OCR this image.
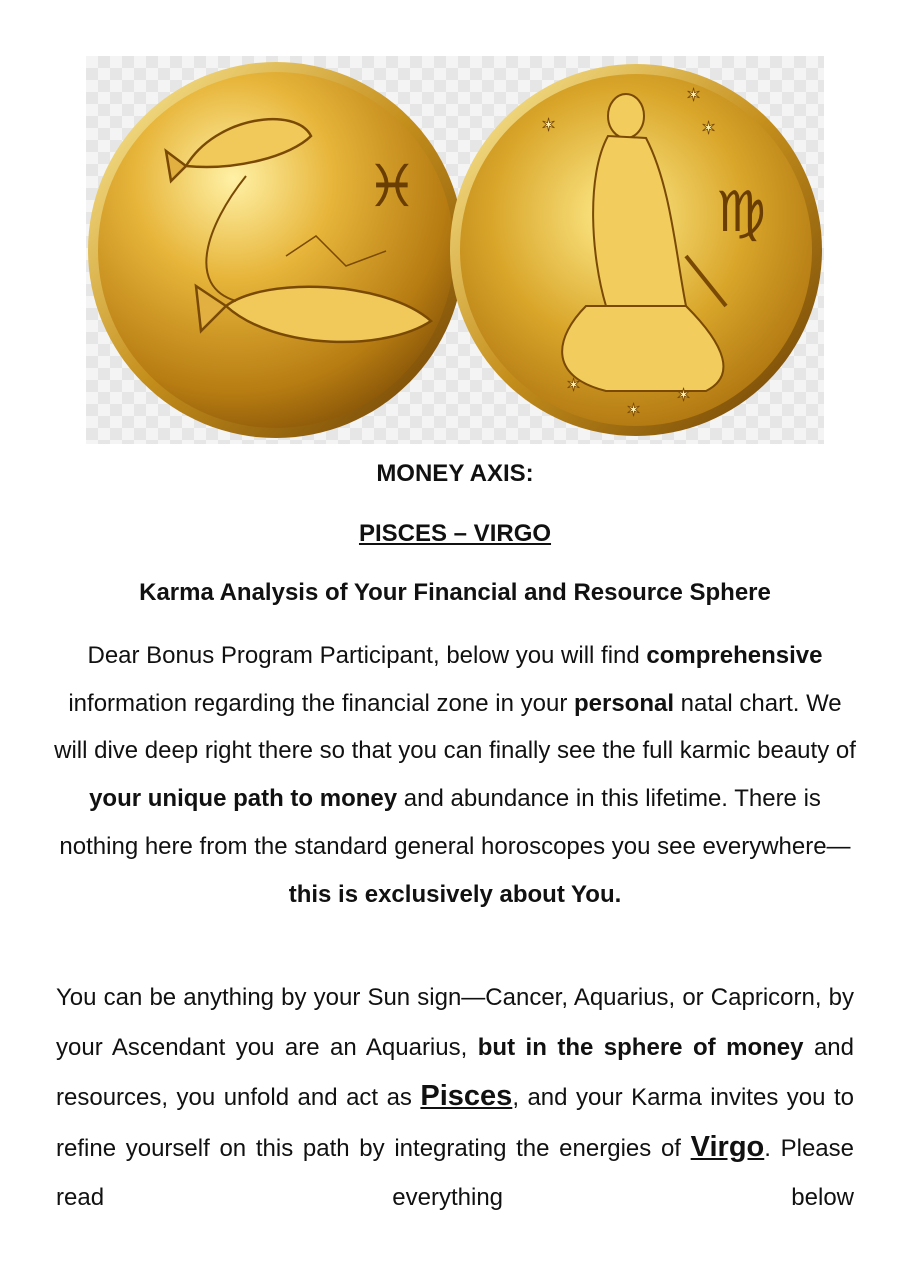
♓	♍
✶
✶
✶
✶
✶
✶
MONEY AXIS:
PISCES – VIRGO
Karma Analysis of Your Financial and Resource Sphere
Dear Bonus Program Participant, below you will find comprehensive information regarding the financial zone in your personal natal chart. We will dive deep right there so that you can finally see the full karmic beauty of your unique path to money and abundance in this lifetime. There is nothing here from the standard general horoscopes you see everywhere—this is exclusively about You.
You can be anything by your Sun sign—Cancer, Aquarius, or Capricorn, by your Ascendant you are an Aquarius, but in the sphere of money and resources, you unfold and act as Pisces, and your Karma invites you to refine yourself on this path by integrating the energies of Virgo. Please read everything below
